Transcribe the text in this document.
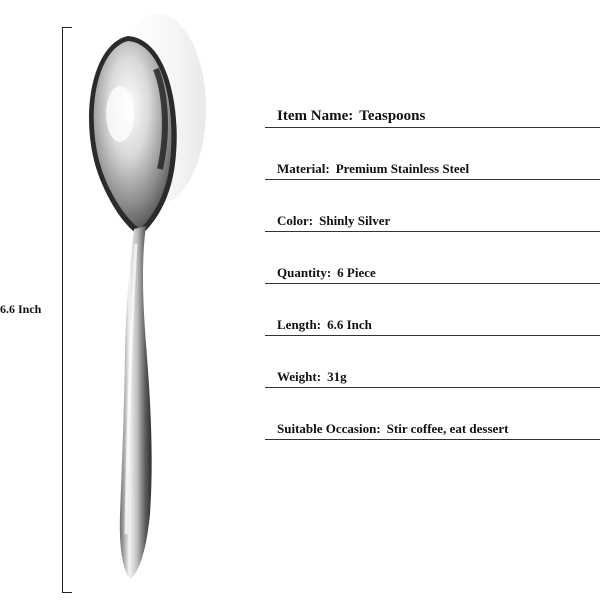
6.6 Inch
Item Name: Teaspoons
Material: Premium Stainless Steel
Color: Shinly Silver
Quantity: 6 Piece
Length: 6.6 Inch
Weight: 31g
Suitable Occasion: Stir coffee, eat dessert
